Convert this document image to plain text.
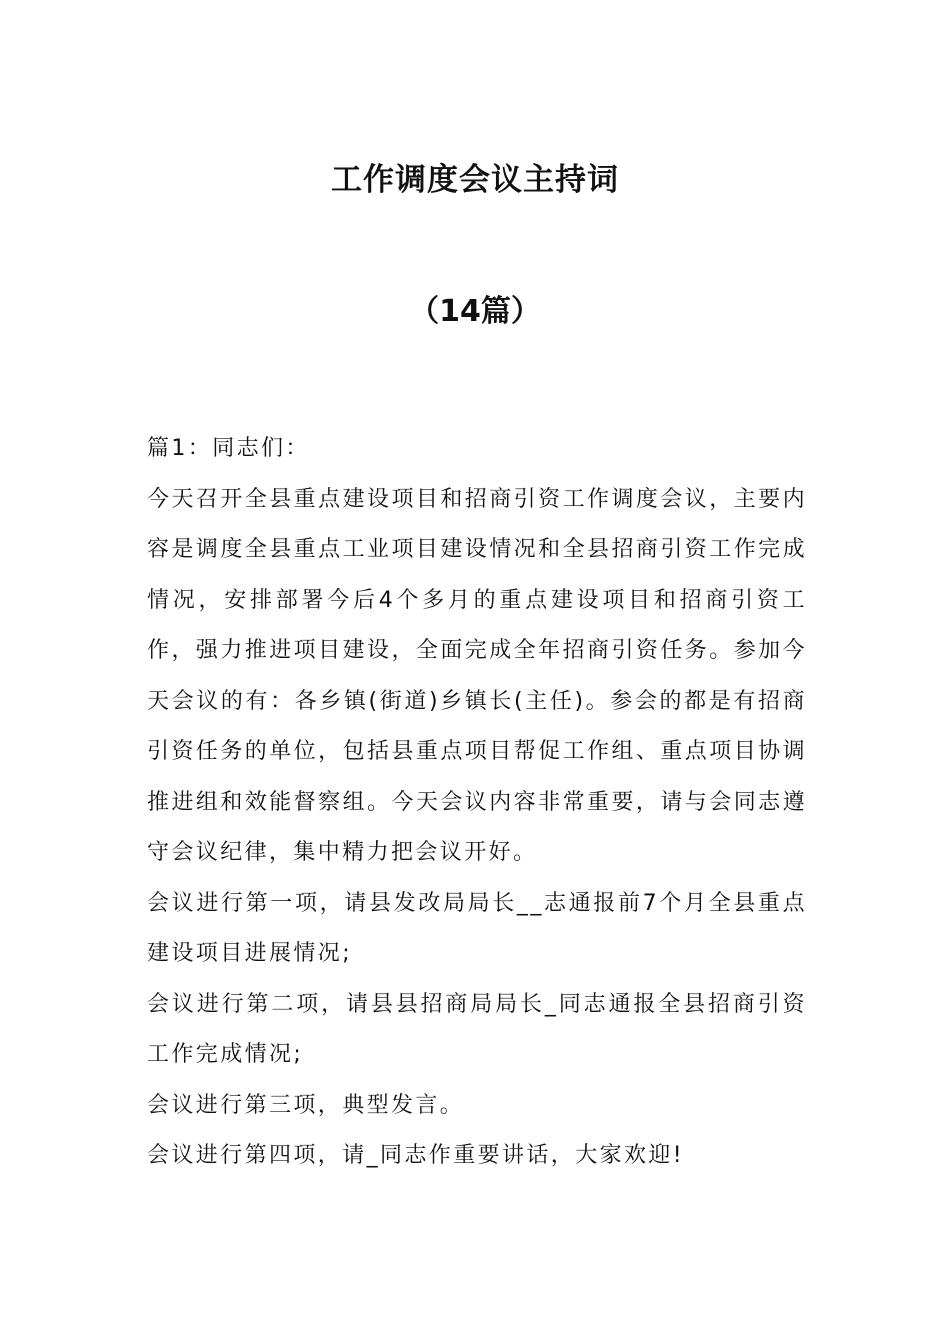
工作调度会议主持词
（14篇）

篇1：同志们：

今天召开全县重点建设项目和招商引资工作调度会议，主要内容是调度全县重点工业项目建设情况和全县招商引资工作完成情况，安排部署今后4个多月的重点建设项目和招商引资工作，强力推进项目建设，全面完成全年招商引资任务。参加今天会议的有：各乡镇(街道)乡镇长(主任)。参会的都是有招商引资任务的单位，包括县重点项目帮促工作组、重点项目协调推进组和效能督察组。今天会议内容非常重要，请与会同志遵守会议纪律，集中精力把会议开好。

会议进行第一项，请县发改局局长__志通报前7个月全县重点建设项目进展情况;

会议进行第二项，请县县招商局局长_同志通报全县招商引资工作完成情况;

会议进行第三项，典型发言。

会议进行第四项，请_同志作重要讲话，大家欢迎!
